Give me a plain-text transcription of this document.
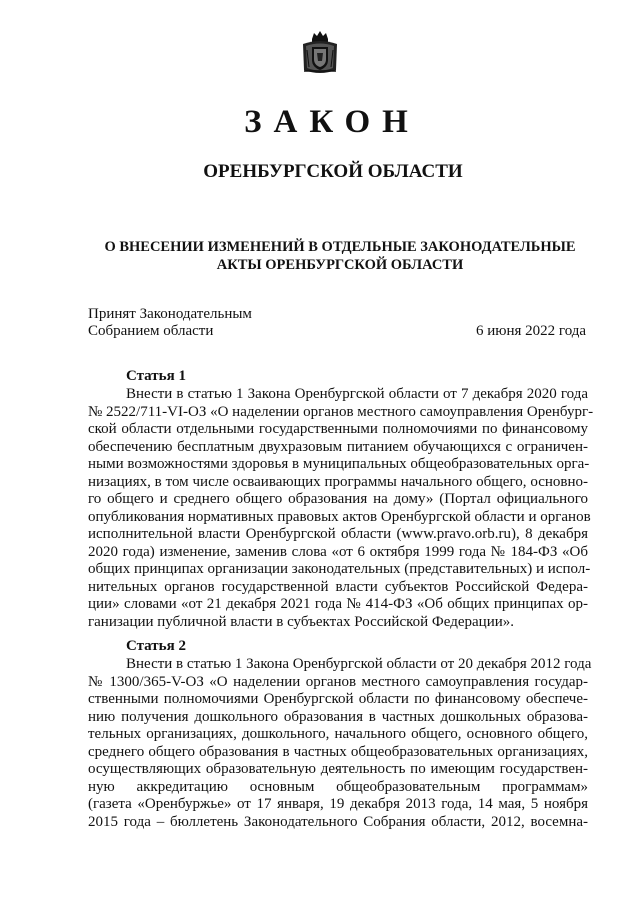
ЗАКОН
ОРЕНБУРГСКОЙ ОБЛАСТИ
О ВНЕСЕНИИ ИЗМЕНЕНИЙ В ОТДЕЛЬНЫЕ ЗАКОНОДАТЕЛЬНЫЕ
АКТЫ ОРЕНБУРГСКОЙ ОБЛАСТИ
Принят Законодательным
Собранием области	6 июня 2022 года
Статья 1
Внести в статью 1 Закона Оренбургской области от 7 декабря 2020 года
№ 2522/711-VI-ОЗ «О наделении органов местного самоуправления Оренбург-
ской области отдельными государственными полномочиями по финансовому
обеспечению бесплатным двухразовым питанием обучающихся с ограничен-
ными возможностями здоровья в муниципальных общеобразовательных орга-
низациях, в том числе осваивающих программы начального общего, основно-
го общего и среднего общего образования на дому» (Портал официального
опубликования нормативных правовых актов Оренбургской области и органов
исполнительной власти Оренбургской области (www.pravo.orb.ru), 8 декабря
2020 года) изменение, заменив слова «от 6 октября 1999 года № 184-ФЗ «Об
общих принципах организации законодательных (представительных) и испол-
нительных органов государственной власти субъектов Российской Федера-
ции» словами «от 21 декабря 2021 года № 414-ФЗ «Об общих принципах ор-
ганизации публичной власти в субъектах Российской Федерации».
Статья 2
Внести в статью 1 Закона Оренбургской области от 20 декабря 2012 года
№ 1300/365-V-ОЗ «О наделении органов местного самоуправления государ-
ственными полномочиями Оренбургской области по финансовому обеспече-
нию получения дошкольного образования в частных дошкольных образова-
тельных организациях, дошкольного, начального общего, основного общего,
среднего общего образования в частных общеобразовательных организациях,
осуществляющих образовательную деятельность по имеющим государствен-
ную аккредитацию основным общеобразовательным программам»
(газета «Оренбуржье» от 17 января, 19 декабря 2013 года, 14 мая, 5 ноября
2015 года – бюллетень Законодательного Собрания области, 2012, восемна-
